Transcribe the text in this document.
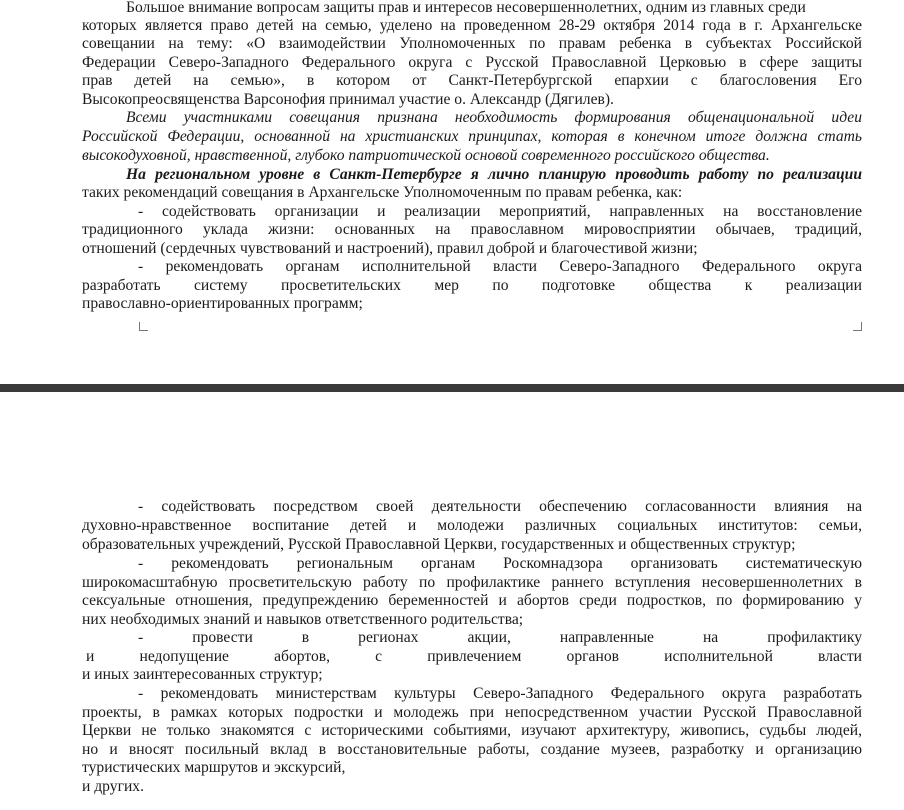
Большое внимание вопросам защиты прав и интересов несовершеннолетних, одним из главных среди
которых является право детей на семью, уделено на проведенном 28-29 октября 2014 года в г. Архангельске
совещании на тему: «О взаимодействии Уполномоченных по правам ребенка в субъектах Российской
Федерации Северо-Западного Федерального округа с Русской Православной Церковью в сфере защиты
прав детей на семью», в котором от Санкт-Петербургской епархии с благословения Его
Высокопреосвященства Варсонофия принимал участие о. Александр (Дягилев).
Всеми участниками совещания признана необходимость формирования общенациональной идеи
Российской Федерации, основанной на христианских принципах, которая в конечном итоге должна стать
высокодуховной, нравственной, глубоко патриотической основой современного российского общества.
На региональном уровне в Санкт-Петербурге я лично планирую проводить работу по реализации
таких рекомендаций совещания в Архангельске Уполномоченным по правам ребенка, как:
- содействовать организации и реализации мероприятий, направленных на восстановление
традиционного уклада жизни: основанных на православном мировосприятии обычаев, традиций,
отношений (сердечных чувствований и настроений), правил доброй и благочестивой жизни;
- рекомендовать органам исполнительной власти Северо-Западного Федерального округа
разработать систему просветительских мер по подготовке общества к реализации
православно-ориентированных программ;
- содействовать посредством своей деятельности обеспечению согласованности влияния на
духовно-нравственное воспитание детей и молодежи различных социальных институтов: семьи,
образовательных учреждений, Русской Православной Церкви, государственных и общественных структур;
- рекомендовать региональным органам Роскомнадзора организовать систематическую
широкомасштабную просветительскую работу по профилактике раннего вступления несовершеннолетних в
сексуальные отношения, предупреждению беременностей и абортов среди подростков, по формированию у
них необходимых знаний и навыков ответственного родительства;
- провести в регионах акции, направленные на профилактику
и недопущение абортов, с привлечением органов исполнительной власти
и иных заинтересованных структур;
- рекомендовать министерствам культуры Северо-Западного Федерального округа разработать
проекты, в рамках которых подростки и молодежь при непосредственном участии Русской Православной
Церкви не только знакомятся с историческими событиями, изучают архитектуру, живопись, судьбы людей,
но и вносят посильный вклад в восстановительные работы, создание музеев, разработку и организацию
туристических маршрутов и экскурсий,
и других.
